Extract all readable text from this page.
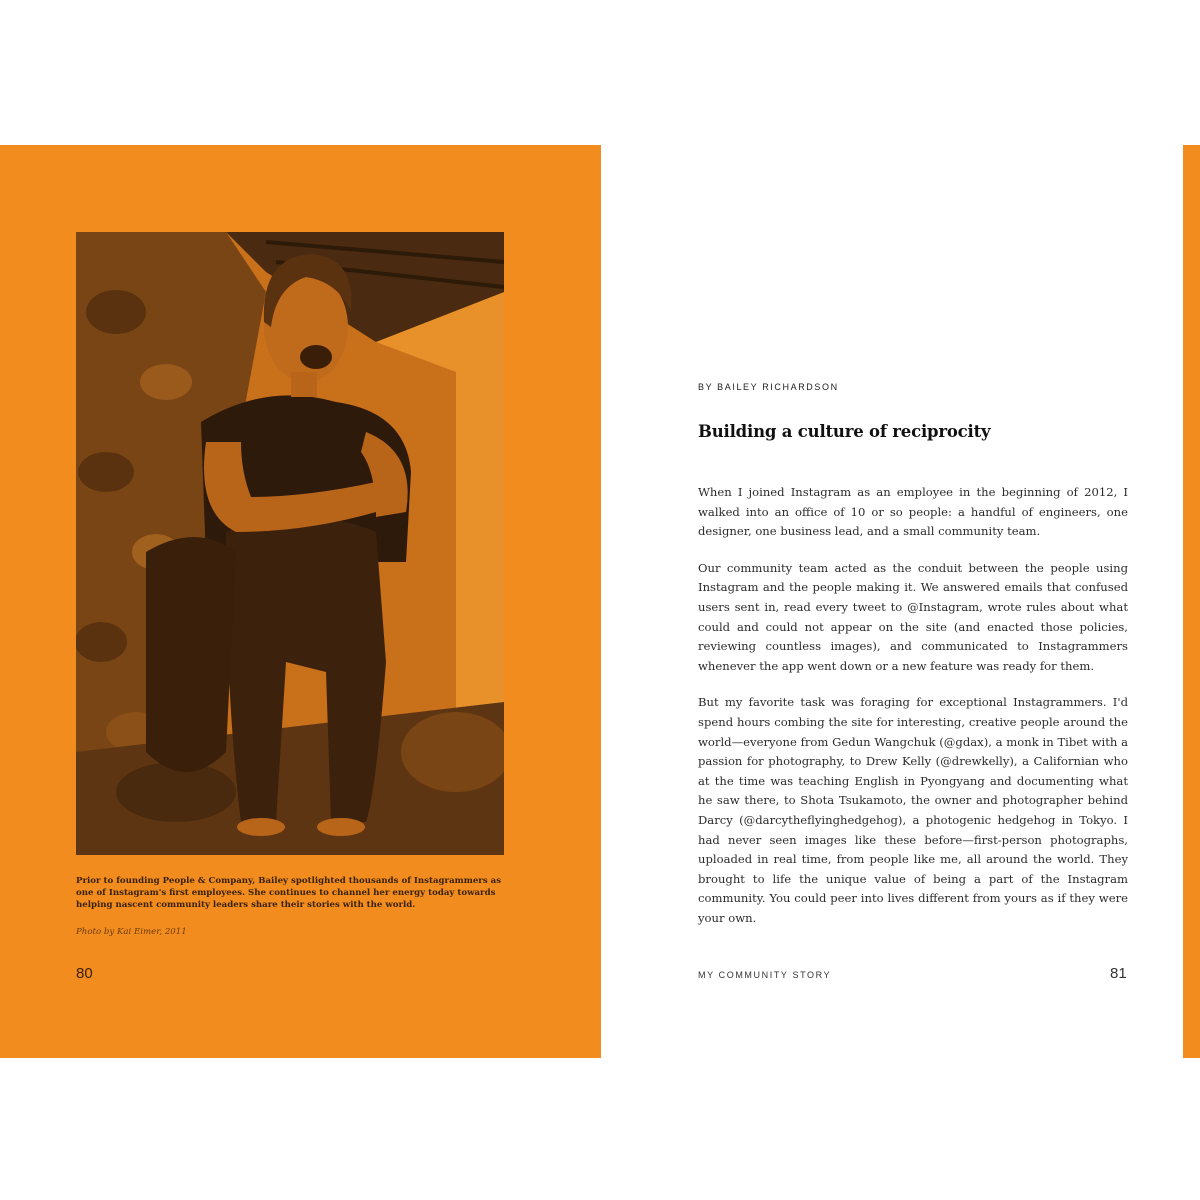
Prior to founding People & Company, Bailey spotlighted thousands of Instagrammers as one of Instagram's first employees. She continues to channel her energy today towards helping nascent community leaders share their stories with the world.
Photo by Kai Eimer, 2011
80
BY BAILEY RICHARDSON
Building a culture of reciprocity

When I joined Instagram as an employee in the beginning of 2012, I walked into an office of 10 or so people: a handful of engineers, one designer, one business lead, and a small community team.

Our community team acted as the conduit between the people using Instagram and the people making it. We answered emails that confused users sent in, read every tweet to @Instagram, wrote rules about what could and could not appear on the site (and enacted those policies, reviewing countless images), and communicated to Instagrammers whenever the app went down or a new feature was ready for them.

But my favorite task was foraging for exceptional Instagrammers. I'd spend hours combing the site for interesting, creative people around the world—everyone from Gedun Wangchuk (@gdax), a monk in Tibet with a passion for photography, to Drew Kelly (@drewkelly), a Californian who at the time was teaching English in Pyongyang and documenting what he saw there, to Shota Tsukamoto, the owner and photographer behind Darcy (@darcytheflyinghedgehog), a photogenic hedgehog in Tokyo. I had never seen images like these before—first-person photographs, uploaded in real time, from people like me, all around the world. They brought to life the unique value of being a part of the Instagram community. You could peer into lives different from yours as if they were your own.

MY COMMUNITY STORY	81
